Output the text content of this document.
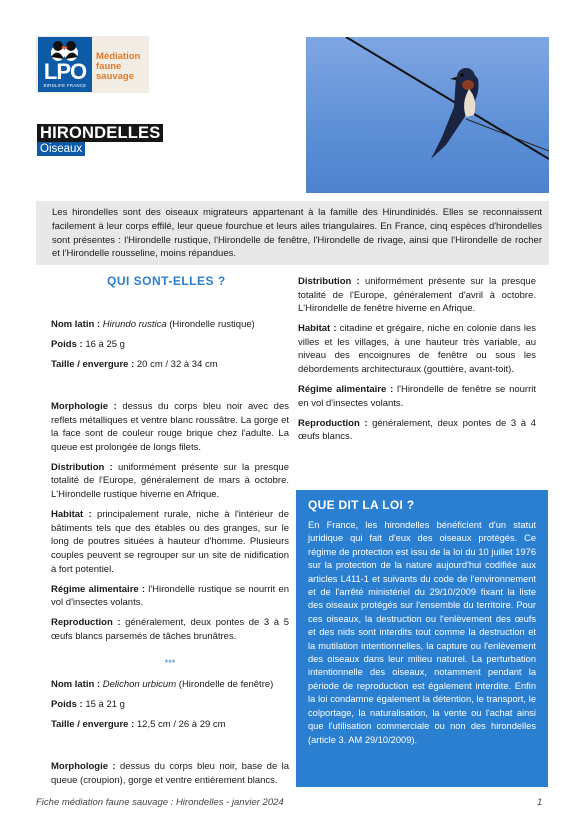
LPO
BIRDLIFE FRANCE
Médiation
faune
sauvage
HIRONDELLES
Oiseaux

Les hirondelles sont des oiseaux migrateurs appartenant à la famille des Hirundinidés. Elles se reconnaissent facilement à leur corps effilé, leur queue fourchue et leurs ailes triangulaires. En France, cinq espèces d'hirondelles sont présentes : l'Hirondelle rustique, l'Hirondelle de fenêtre, l'Hirondelle de rivage, ainsi que l'Hirondelle de rocher et l'Hirondelle rousseline, moins répandues.

QUI SONT-ELLES ?

Nom latin : Hirundo rustica (Hirondelle rustique)

Poids : 16 à 25 g

Taille / envergure : 20 cm / 32 à 34 cm

Morphologie : dessus du corps bleu noir avec des reflets métalliques et ventre blanc roussâtre. La gorge et la face sont de couleur rouge brique chez l'adulte. La queue est prolongée de longs filets.

Distribution : uniformément présente sur la presque totalité de l'Europe, généralement de mars à octobre. L'Hirondelle rustique hiverne en Afrique.

Habitat : principalement rurale, niche à l'intérieur de bâtiments tels que des étables ou des granges, sur le long de poutres situées à hauteur d'homme. Plusieurs couples peuvent se regrouper sur un site de nidification à fort potentiel.

Régime alimentaire : l'Hirondelle rustique se nourrit en vol d'insectes volants.

Reproduction : généralement, deux pontes de 3 à 5 œufs blancs parsemés de tâches brunâtres.

***

Nom latin : Delichon urbicum (Hirondelle de fenêtre)

Poids : 15 à 21 g

Taille / envergure : 12,5 cm / 26 à 29 cm

Morphologie : dessus du corps bleu noir, base de la queue (croupion), gorge et ventre entièrement blancs.

Distribution : uniformément présente sur la presque totalité de l'Europe, généralement d'avril à octobre. L'Hirondelle de fenêtre hiverne en Afrique.

Habitat : citadine et grégaire, niche en colonie dans les villes et les villages, à une hauteur très variable, au niveau des encoignures de fenêtre ou sous les débordements architecturaux (gouttière, avant-toit).

Régime alimentaire : l'Hirondelle de fenêtre se nourrit en vol d'insectes volants.

Reproduction : généralement, deux pontes de 3 à 4 œufs blancs.

QUE DIT LA LOI ?

En France, les hirondelles bénéficient d'un statut juridique qui fait d'eux des oiseaux protégés. Ce régime de protection est issu de la loi du 10 juillet 1976 sur la protection de la nature aujourd'hui codifiée aux articles L411-1 et suivants du code de l'environnement et de l'arrêté ministériel du 29/10/2009 fixant la liste des oiseaux protégés sur l'ensemble du territoire. Pour ces oiseaux, la destruction ou l'enlèvement des œufs et des nids sont interdits tout comme la destruction et la mutilation intentionnelles, la capture ou l'enlèvement des oiseaux dans leur milieu naturel. La perturbation intentionnelle des oiseaux, notamment pendant la période de reproduction est également interdite. Enfin la loi condamne également la détention, le transport, le colportage, la naturalisation, la vente ou l'achat ainsi que l'utilisation commerciale ou non des hirondelles (article 3. AM 29/10/2009).

Fiche médiation faune sauvage : Hirondelles - janvier 2024	1
